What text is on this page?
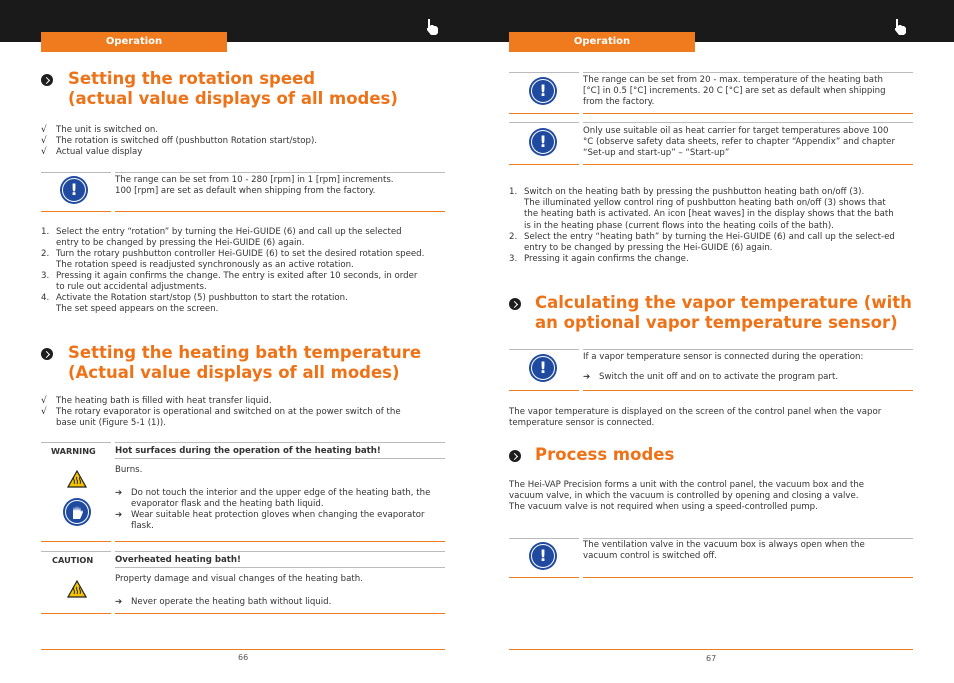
Operation	Operation
Setting the rotation speed
(actual value displays of all modes)
√ The unit is switched on.
√ The rotation is switched off (pushbutton Rotation start/stop).
√ Actual value display
!	The range can be set from 10 - 280 [rpm] in 1 [rpm] increments.
100 [rpm] are set as default when shipping from the factory.
1. Select the entry “rotation” by turning the Hei-GUIDE (6) and call up the selected
entry to be changed by pressing the Hei-GUIDE (6) again.
2. Turn the rotary pushbutton controller Hei-GUIDE (6) to set the desired rotation speed.
The rotation speed is readjusted synchronously as an active rotation.
3. Pressing it again confirms the change. The entry is exited after 10 seconds, in order
to rule out accidental adjustments.
4. Activate the Rotation start/stop (5) pushbutton to start the rotation.
The set speed appears on the screen.
Setting the heating bath temperature
(Actual value displays of all modes)
√ The heating bath is filled with heat transfer liquid.
√ The rotary evaporator is operational and switched on at the power switch of the
base unit (Figure 5-1 (1)).
WARNING Hot surfaces during the operation of the heating bath!
Burns.
➔ Do not touch the interior and the upper edge of the heating bath, the
evaporator flask and the heating bath liquid.
➔ Wear suitable heat protection gloves when changing the evaporator
flask.
CAUTION	Overheated heating bath!
Property damage and visual changes of the heating bath.
➔ Never operate the heating bath without liquid.
66
!
The range can be set from 20 - max. temperature of the heating bath
[°C] in 0.5 [°C] increments. 20 C [°C] are set as default when shipping
from the factory.
!
Only use suitable oil as heat carrier for target temperatures above 100
°C (observe safety data sheets, refer to chapter “Appendix” and chapter
“Set-up and start-up” – “Start-up”
1. Switch on the heating bath by pressing the pushbutton heating bath on/off (3).
The illuminated yellow control ring of pushbutton heating bath on/off (3) shows that
the heating bath is activated. An icon [heat waves] in the display shows that the bath
is in the heating phase (current flows into the heating coils of the bath).
2. Select the entry “heating bath” by turning the Hei-GUIDE (6) and call up the select-ed
entry to be changed by pressing the Hei-GUIDE (6) again.
3. Pressing it again confirms the change.
Calculating the vapor temperature (with
an optional vapor temperature sensor)
!
If a vapor temperature sensor is connected during the operation:
➔ Switch the unit off and on to activate the program part.
The vapor temperature is displayed on the screen of the control panel when the vapor
temperature sensor is connected.
Process modes
The Hei-VAP Precision forms a unit with the control panel, the vacuum box and the
vacuum valve, in which the vacuum is controlled by opening and closing a valve.
The vacuum valve is not required when using a speed-controlled pump.
!
The ventilation valve in the vacuum box is always open when the
vacuum control is switched off.
67
